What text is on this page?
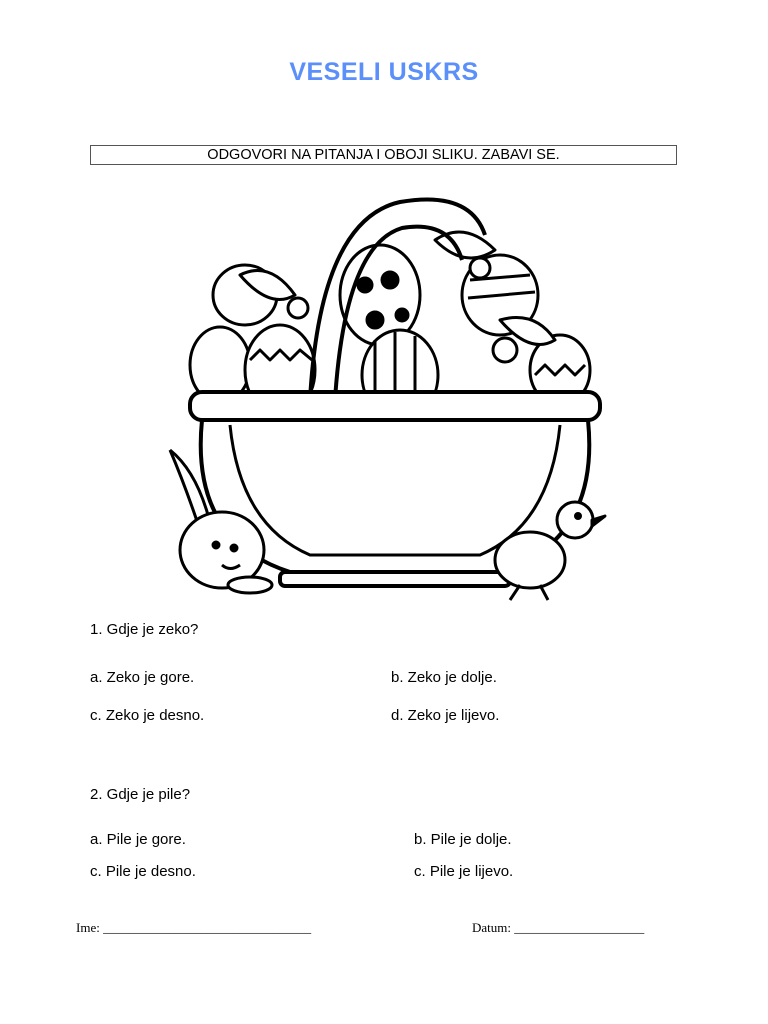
VESELI USKRS
ODGOVORI NA PITANJA I OBOJI SLIKU. ZABAVI SE.
1. Gdje je zeko?
a. Zeko je gore.	b. Zeko je dolje.
c. Zeko je desno.	d. Zeko je lijevo.
2. Gdje je pile?
a. Pile je gore.	b. Pile je dolje.
c. Pile je desno.	c. Pile je lijevo.
Ime: ________________________________	Datum: ____________________
